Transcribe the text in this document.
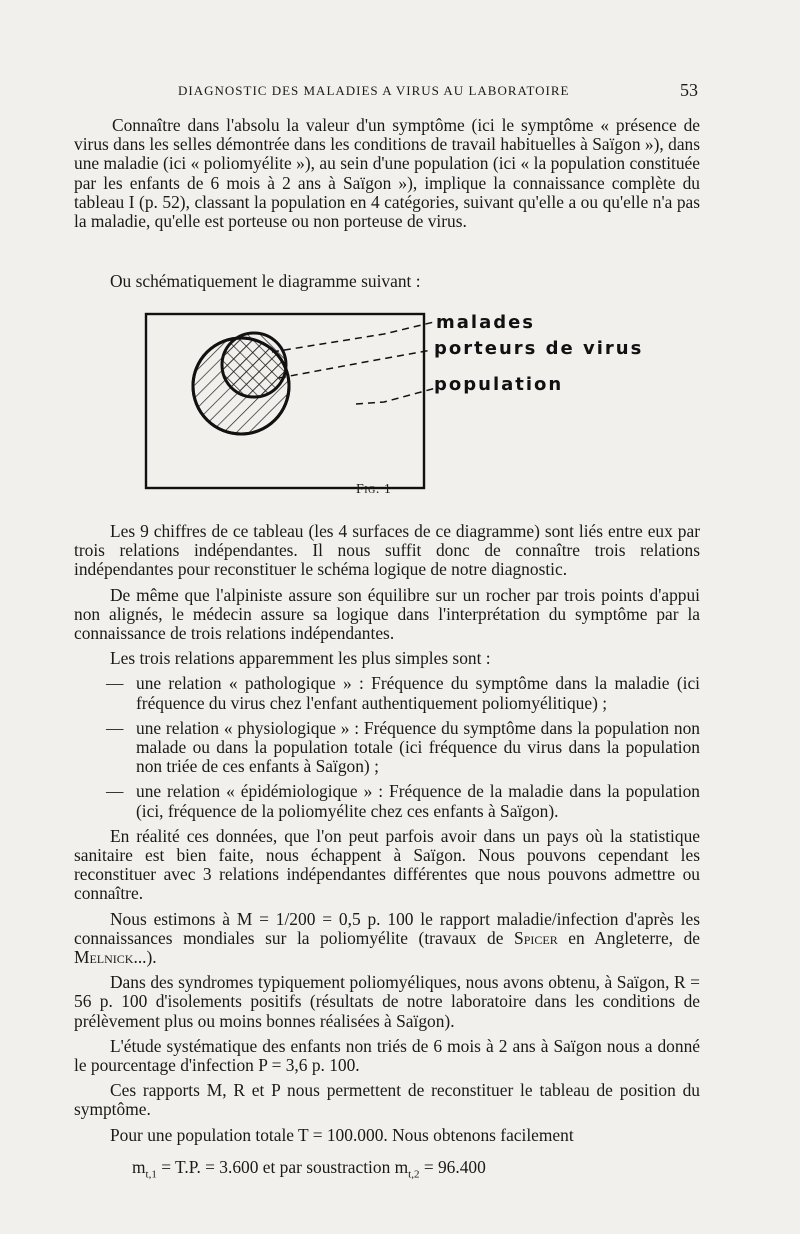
DIAGNOSTIC DES MALADIES A VIRUS AU LABORATOIRE	53

Connaître dans l'absolu la valeur d'un symptôme (ici le symptôme « présence de virus dans les selles démontrée dans les conditions de travail habituelles à Saïgon »), dans une maladie (ici « poliomyélite »), au sein d'une population (ici « la population constituée par les enfants de 6 mois à 2 ans à Saïgon »), implique la connaissance complète du tableau I (p. 52), classant la population en 4 catégories, suivant qu'elle a ou qu'elle n'a pas la maladie, qu'elle est porteuse ou non porteuse de virus.

Ou schématiquement le diagramme suivant :

malades
porteurs de virus
population
Fig. 1

Les 9 chiffres de ce tableau (les 4 surfaces de ce diagramme) sont liés entre eux par trois relations indépendantes. Il nous suffit donc de connaître trois relations indépendantes pour reconstituer le schéma logique de notre diagnostic.

De même que l'alpiniste assure son équilibre sur un rocher par trois points d'appui non alignés, le médecin assure sa logique dans l'interprétation du symptôme par la connaissance de trois relations indépendantes.

Les trois relations apparemment les plus simples sont :

— une relation « pathologique » : Fréquence du symptôme dans la maladie (ici fréquence du virus chez l'enfant authentiquement poliomyélitique) ;
— une relation « physiologique » : Fréquence du symptôme dans la population non malade ou dans la population totale (ici fréquence du virus dans la population non triée de ces enfants à Saïgon) ;
— une relation « épidémiologique » : Fréquence de la maladie dans la population (ici, fréquence de la poliomyélite chez ces enfants à Saïgon).

En réalité ces données, que l'on peut parfois avoir dans un pays où la statistique sanitaire est bien faite, nous échappent à Saïgon. Nous pouvons cependant les reconstituer avec 3 relations indépendantes différentes que nous pouvons admettre ou connaître.

Nous estimons à M = 1/200 = 0,5 p. 100 le rapport maladie/infection d'après les connaissances mondiales sur la poliomyélite (travaux de Spicer en Angleterre, de Melnick...).

Dans des syndromes typiquement poliomyéliques, nous avons obtenu, à Saïgon, R = 56 p. 100 d'isolements positifs (résultats de notre laboratoire dans les conditions de prélèvement plus ou moins bonnes réalisées à Saïgon).

L'étude systématique des enfants non triés de 6 mois à 2 ans à Saïgon nous a donné le pourcentage d'infection P = 3,6 p. 100.

Ces rapports M, R et P nous permettent de reconstituer le tableau de position du symptôme.

Pour une population totale T = 100.000. Nous obtenons facilement

$m_{t,1} = T.P$. = 3.600 et par soustraction $m_{t,2} = 96.400$
